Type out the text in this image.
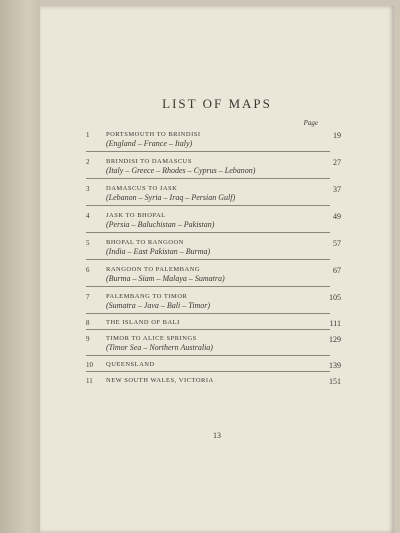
LIST OF MAPS
Page
1	PORTSMOUTH TO BRINDISI
(England – France – Italy)
19
2	BRINDISI TO DAMASCUS
(Italy – Greece – Rhodes – Cyprus – Lebanon)
27
3	DAMASCUS TO JASK
(Lebanon – Syria – Iraq – Persian Gulf)
37
4	JASK TO BHOPAL
(Persia – Baluchistan – Pakistan)
49
5	BHOPAL TO RANGOON
(India – East Pakistan – Burma)
57
6	RANGOON TO PALEMBANG
(Burma – Siam – Malaya – Sumatra)
67
7	PALEMBANG TO TIMOR
(Sumatra – Java – Bali – Timor)
105
8	THE ISLAND OF BALI	111
9	TIMOR TO ALICE SPRINGS
(Timor Sea – Northern Australia)
129
10 QUEENSLAND	139
11 NEW SOUTH WALES, VICTORIA	151
13
